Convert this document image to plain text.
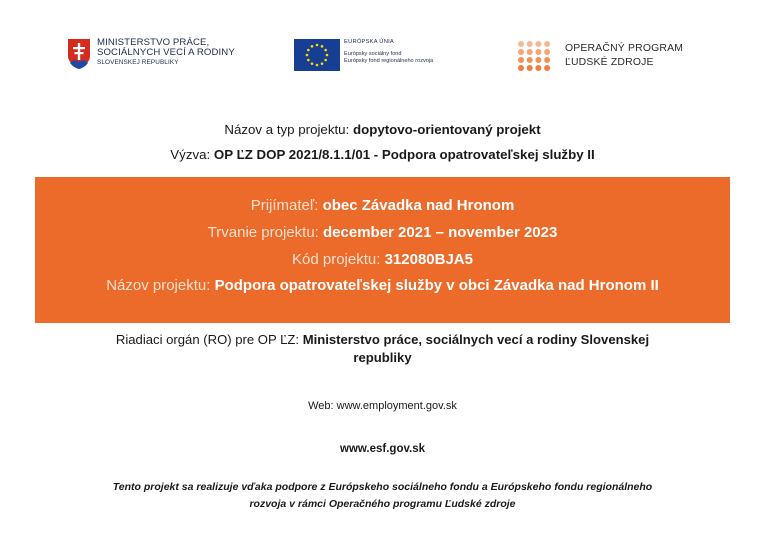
MINISTERSTVO PRÁCE,
SOCIÁLNYCH VECÍ A RODINY
SLOVENSKEJ REPUBLIKY
EURÓPSKA ÚNIA
Európsky sociálny fond
Európsky fond regionálneho rozvoja
OPERAČNÝ PROGRAM
ĽUDSKÉ ZDROJE
Názov a typ projektu: dopytovo-orientovaný projekt
Výzva: OP ĽZ DOP 2021/8.1.1/01 - Podpora opatrovateľskej služby II
Prijímateľ: obec Závadka nad Hronom
Trvanie projektu: december 2021 – november 2023
Kód projektu: 312080BJA5
Názov projektu: Podpora opatrovateľskej služby v obci Závadka nad Hronom II
Riadiaci orgán (RO) pre OP ĽZ: Ministerstvo práce, sociálnych vecí a rodiny Slovenskej
republiky
Web: www.employment.gov.sk
www.esf.gov.sk
Tento projekt sa realizuje vďaka podpore z Európskeho sociálneho fondu a Európskeho fondu regionálneho
rozvoja v rámci Operačného programu Ľudské zdroje
